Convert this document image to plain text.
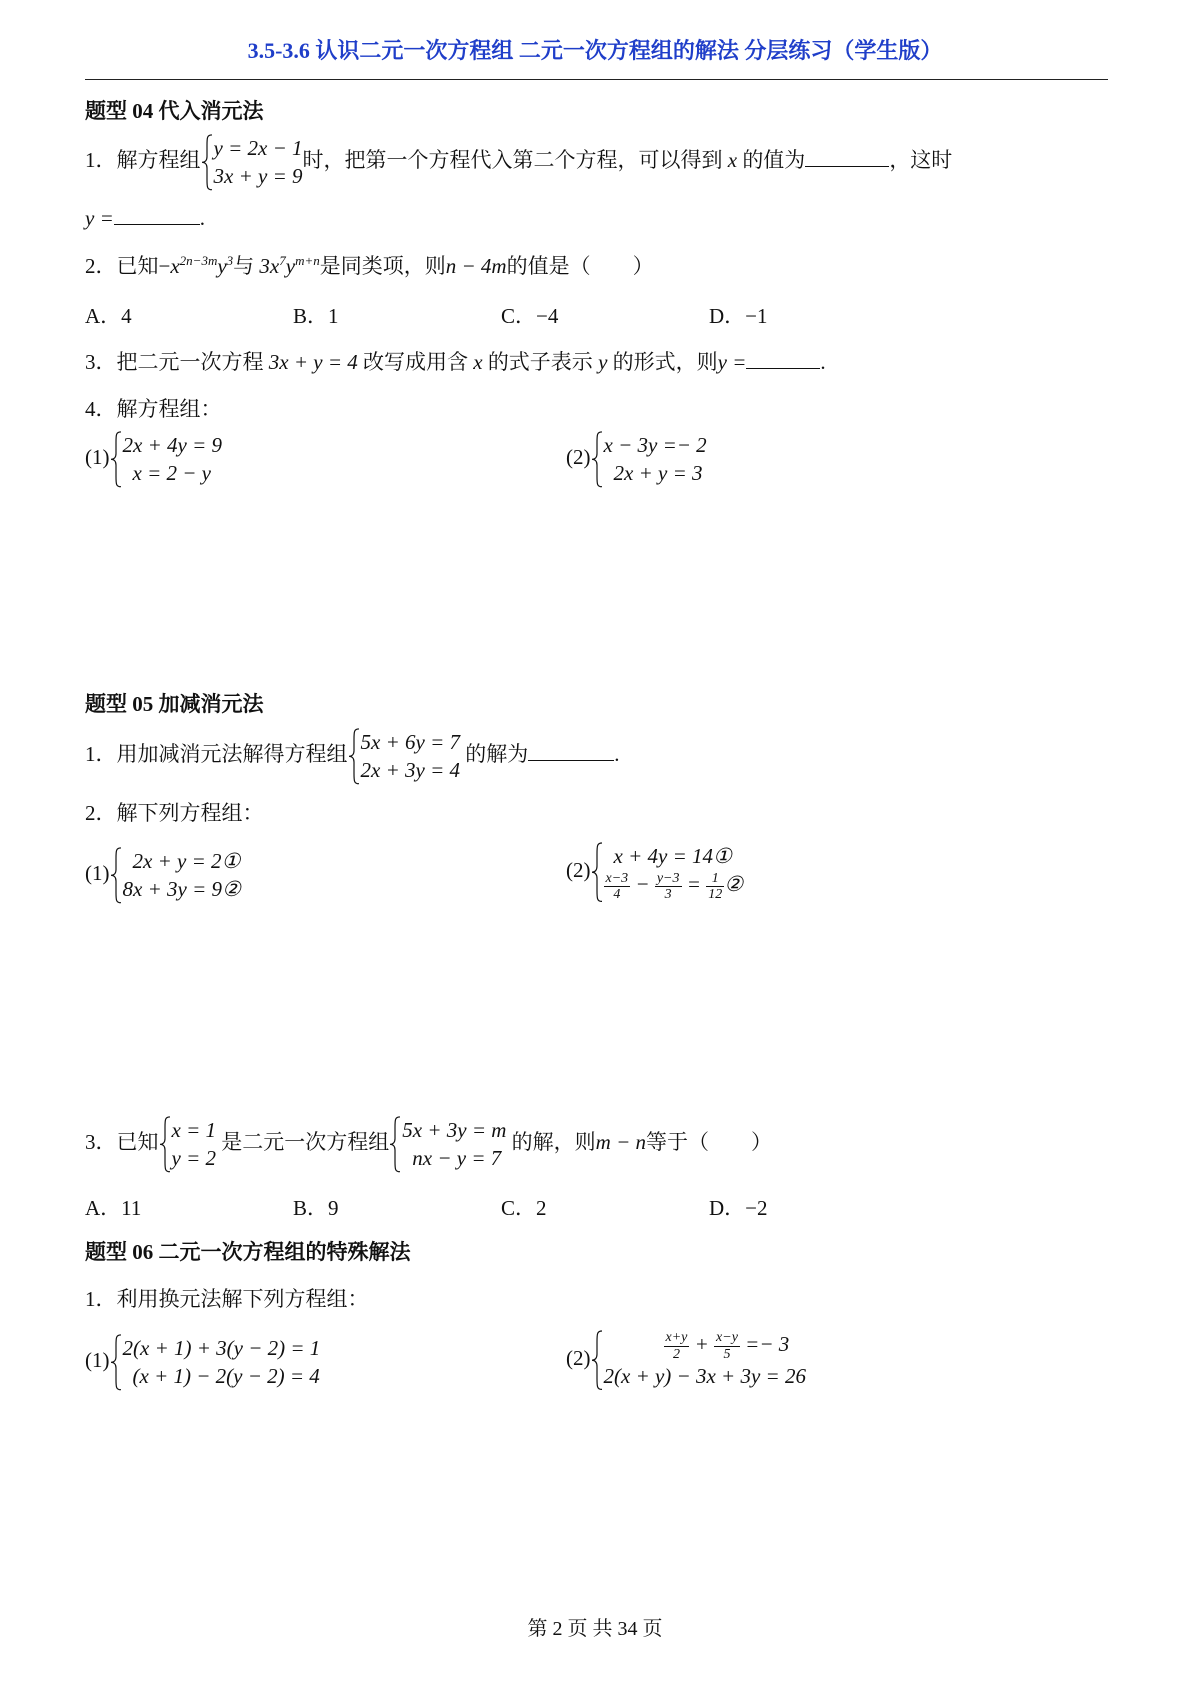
3.5-3.6 认识二元一次方程组 二元一次方程组的解法 分层练习（学生版）
题型 04 代入消元法
1．解方程组
y = 2x − 1
3x + y = 9
时，把第一个方程代入第二个方程，可以得到 x 的值为	，这时
y =	.
2．已知$-x^{2n-3m}y^3$与 $3x^7y^{m+n}$是同类项，则n − 4m的值是（　　）
A．4	B．1	C．−4	D．−1
3．把二元一次方程 3x + y = 4 改写成用含 x 的式子表示 y 的形式，则y =	.
4．解方程组：
(1)
2x + 4y = 9
x = 2 − y
(2)
x − 3y =− 2
2x + y = 3
题型 05 加减消元法
1．用加减消元法解得方程组
5x + 6y = 7
2x + 3y = 4
的解为	.
2．解下列方程组：
(1)
2x + y = 2①
8x + 3y = 9②
(2)
x + 4y = 14①
$\frac{x-3}{4} - \frac{y-3}{3} = \frac{1}{12}$ ②
3．已知
x = 1
y = 2
是二元一次方程组
5x + 3y = m
nx − y = 7
的解，则m − n等于（　　）
A．11	B．9	C．2	D．−2
题型 06 二元一次方程组的特殊解法
1．利用换元法解下列方程组：
(1)
2(x + 1) + 3(y − 2) = 1
(x + 1) − 2(y − 2) = 4
(2)	$\frac{x+y}{2} + \frac{x-y}{5} =- 3$
2(x + y) − 3x + 3y = 26
第 2 页 共 34 页
